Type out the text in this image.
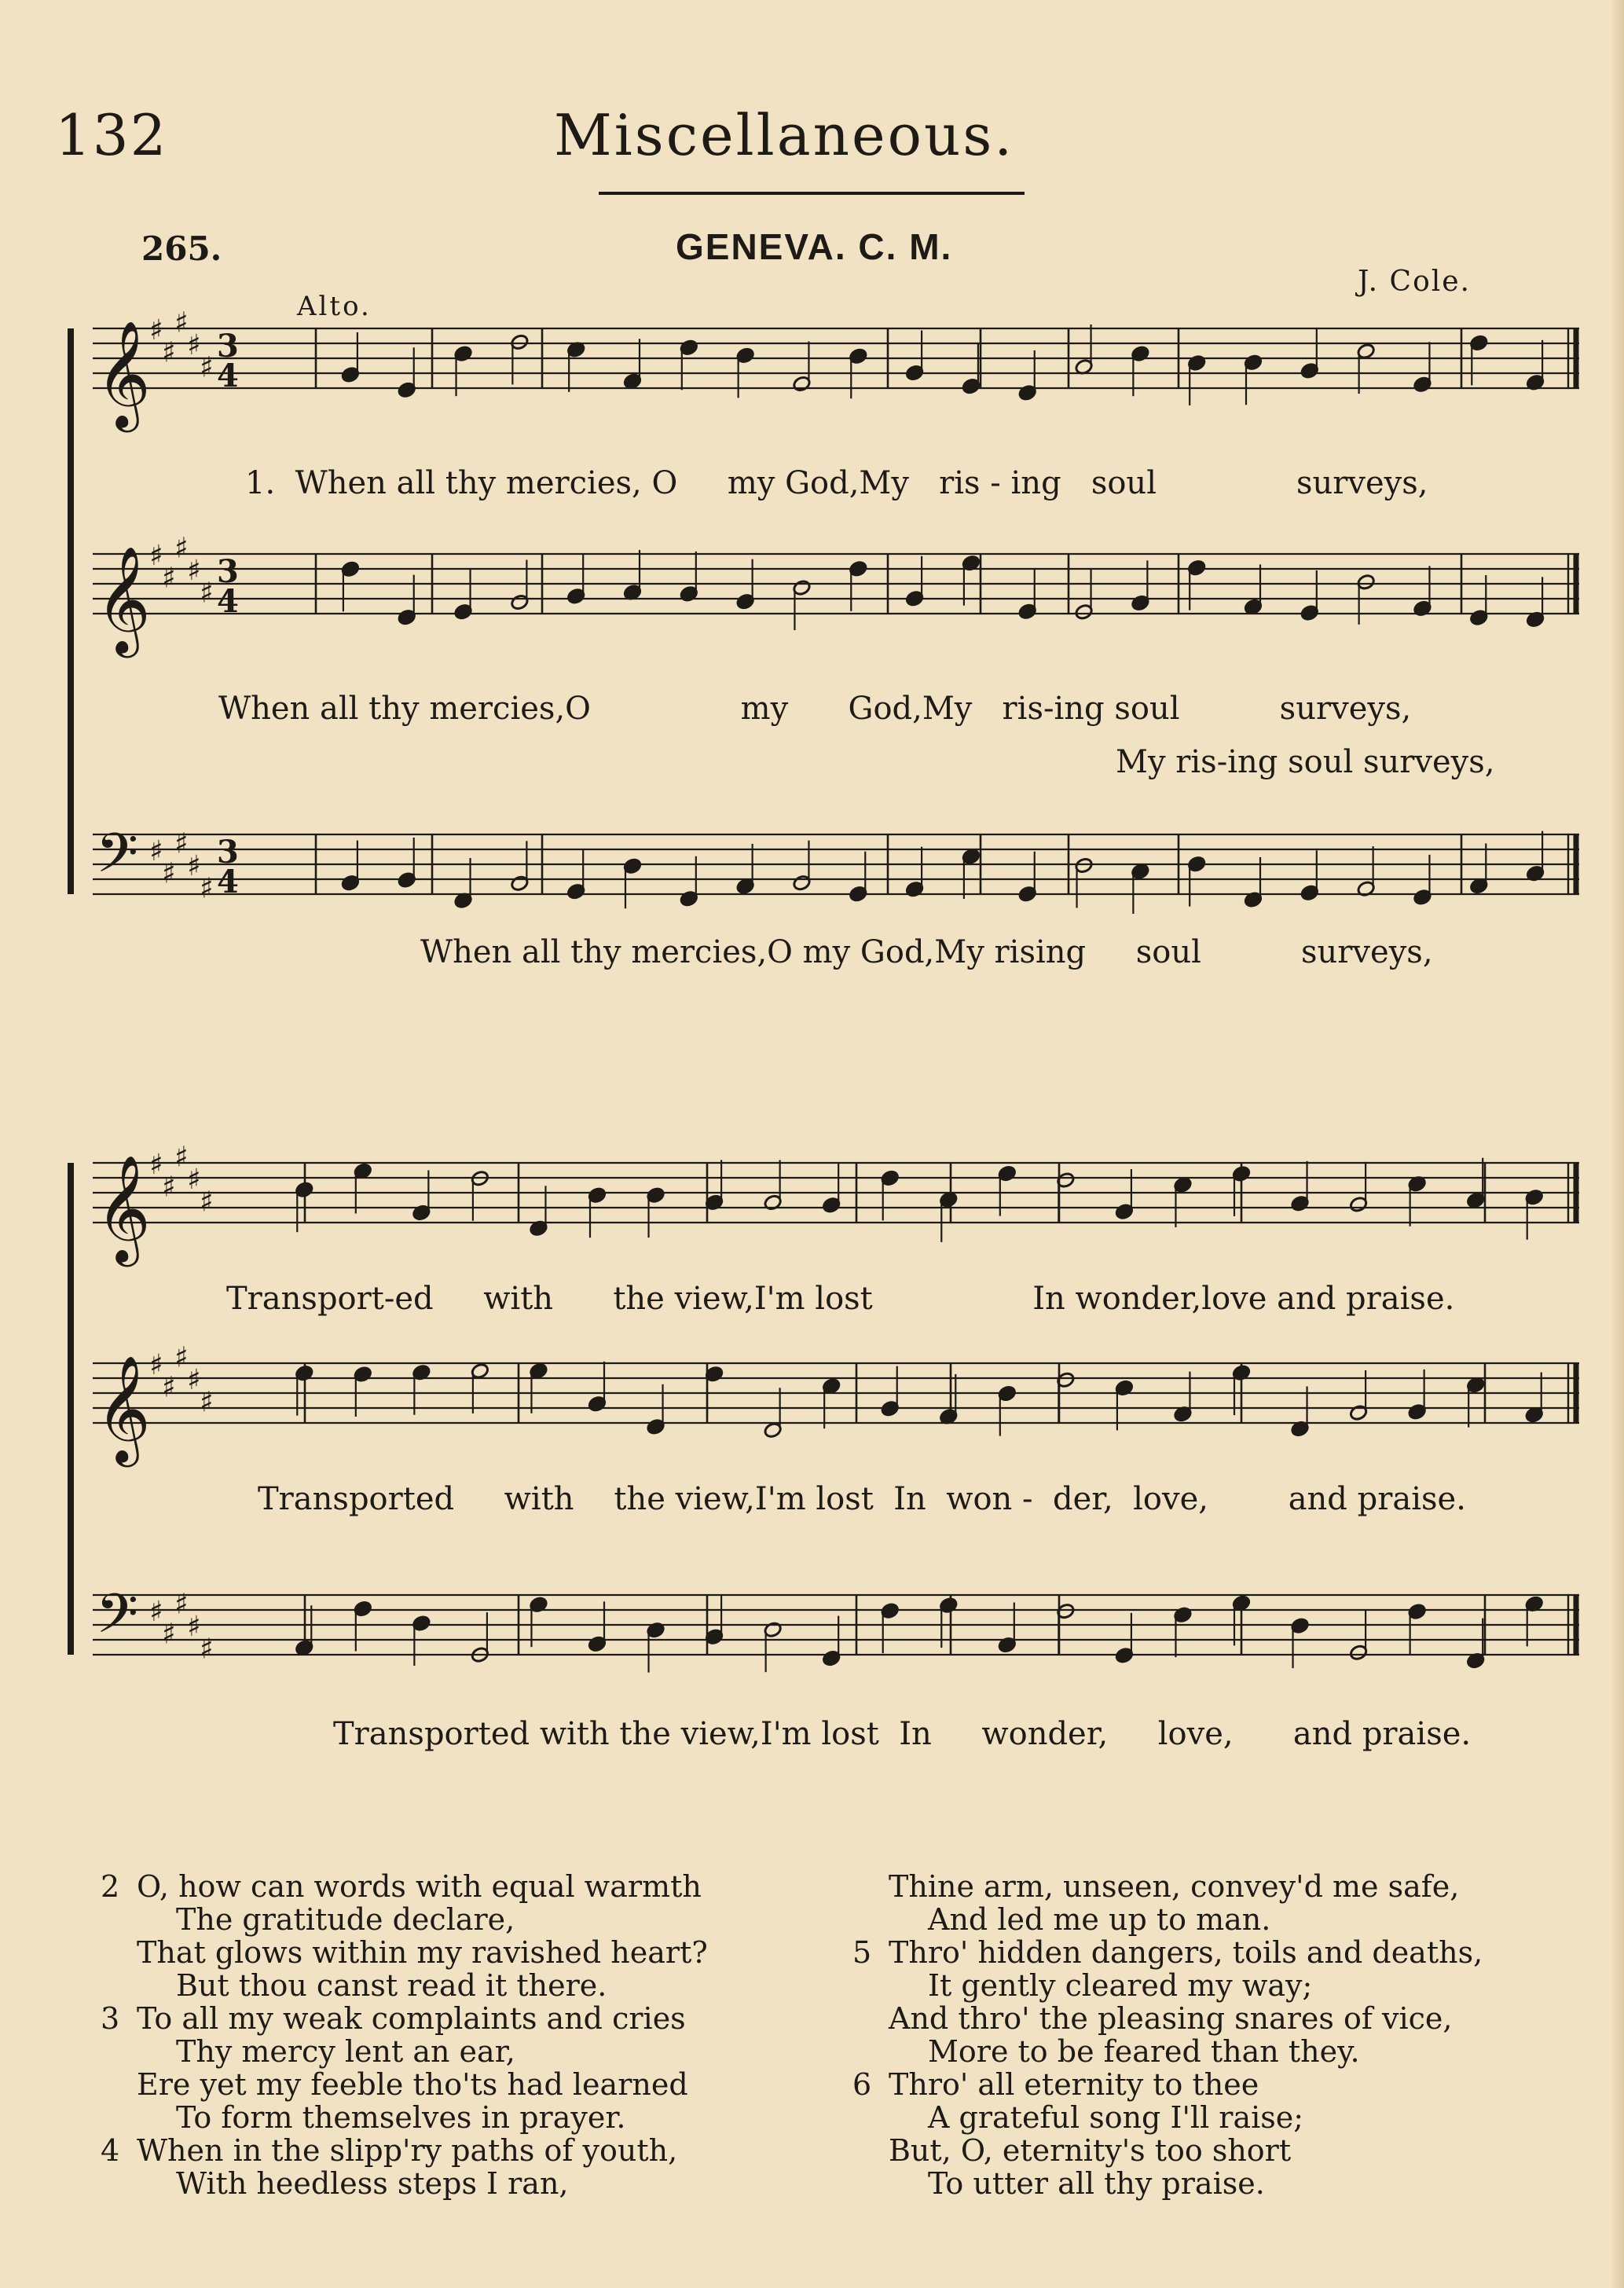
132	Miscellaneous.
265.	GENEVA. C. M.
J. Cole.
Alto.
𝄞
♯
♯
♯
♯
♯
3
4
𝄞
♯
♯
♯
♯
♯
3
4
𝄢 ♯
♯
♯
♯
♯
3
4
𝄞
♯
♯
♯
♯
♯
𝄞
♯
♯
♯
♯
♯
𝄢 ♯
♯
♯
♯
♯
1.  When all thy mercies, O     my God,My   ris - ing   soul              surveys,
When all thy mercies,O               my      God,My   ris-ing soul          surveys,
My ris-ing soul surveys,
When all thy mercies,O my God,My rising     soul          surveys,
Transport-ed     with      the view,I'm lost                In wonder,love and praise.
Transported     with    the view,I'm lost  In  won -  der,  love,        and praise.
Transported with the view,I'm lost  In     wonder,     love,      and praise.
2 O, how can words with equal warmth
The gratitude declare,
That glows within my ravished heart?
But thou canst read it there.
3 To all my weak complaints and cries
Thy mercy lent an ear,
Ere yet my feeble tho'ts had learned
To form themselves in prayer.
4 When in the slipp'ry paths of youth,
With heedless steps I ran,
Thine arm, unseen, convey'd me safe,
And led me up to man.
5 Thro' hidden dangers, toils and deaths,
It gently cleared my way;
And thro' the pleasing snares of vice,
More to be feared than they.
6 Thro' all eternity to thee
A grateful song I'll raise;
But, O, eternity's too short
To utter all thy praise.
